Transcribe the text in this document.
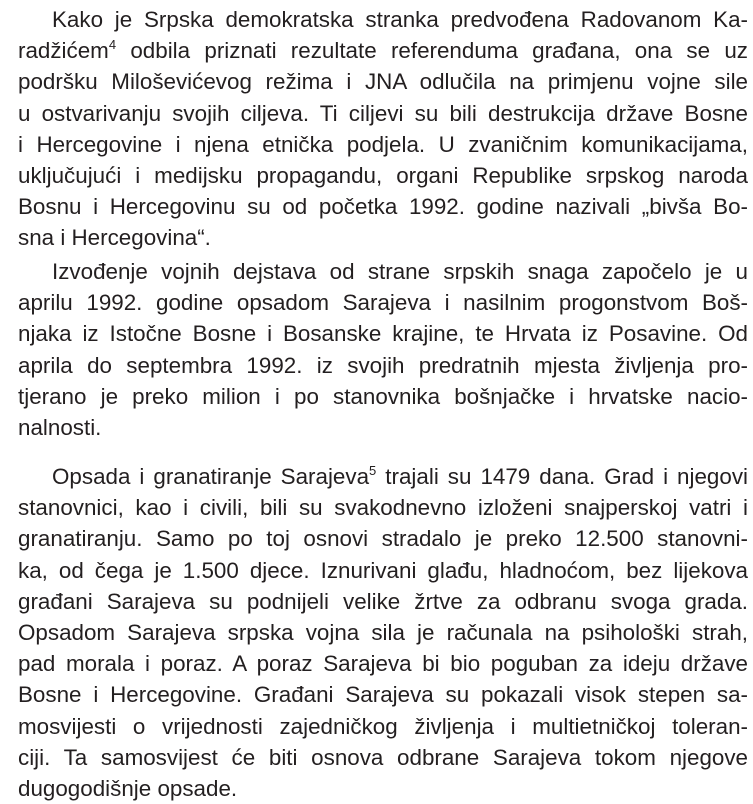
Kako je Srpska demokratska stranka predvođena Radovanom Ka-
radžićem$^4$ odbila priznati rezultate referenduma građana, ona se uz
podršku Miloševićevog režima i JNA odlučila na primjenu vojne sile
u ostvarivanju svojih ciljeva. Ti ciljevi su bili destrukcija države Bosne
i Hercegovine i njena etnička podjela. U zvaničnim komunikacijama,
uključujući i medijsku propagandu, organi Republike srpskog naroda
Bosnu i Hercegovinu su od početka 1992. godine nazivali „bivša Bo-
sna i Hercegovina“.
Izvođenje vojnih dejstava od strane srpskih snaga započelo je u
aprilu 1992. godine opsadom Sarajeva i nasilnim progonstvom Boš-
njaka iz Istočne Bosne i Bosanske krajine, te Hrvata iz Posavine. Od
aprila do septembra 1992. iz svojih predratnih mjesta življenja pro-
tjerano je preko milion i po stanovnika bošnjačke i hrvatske nacio-
nalnosti.
Opsada i granatiranje Sarajeva$^5$ trajali su 1479 dana. Grad i njegovi
stanovnici, kao i civili, bili su svakodnevno izloženi snajperskoj vatri i
granatiranju. Samo po toj osnovi stradalo je preko 12.500 stanovni-
ka, od čega je 1.500 djece. Iznurivani glađu, hladnoćom, bez lijekova
građani Sarajeva su podnijeli velike žrtve za odbranu svoga grada.
Opsadom Sarajeva srpska vojna sila je računala na psihološki strah,
pad morala i poraz. A poraz Sarajeva bi bio poguban za ideju države
Bosne i Hercegovine. Građani Sarajeva su pokazali visok stepen sa-
mosvijesti o vrijednosti zajedničkog življenja i multietničkoj toleran-
ciji. Ta samosvijest će biti osnova odbrane Sarajeva tokom njegove
dugogodišnje opsade.
